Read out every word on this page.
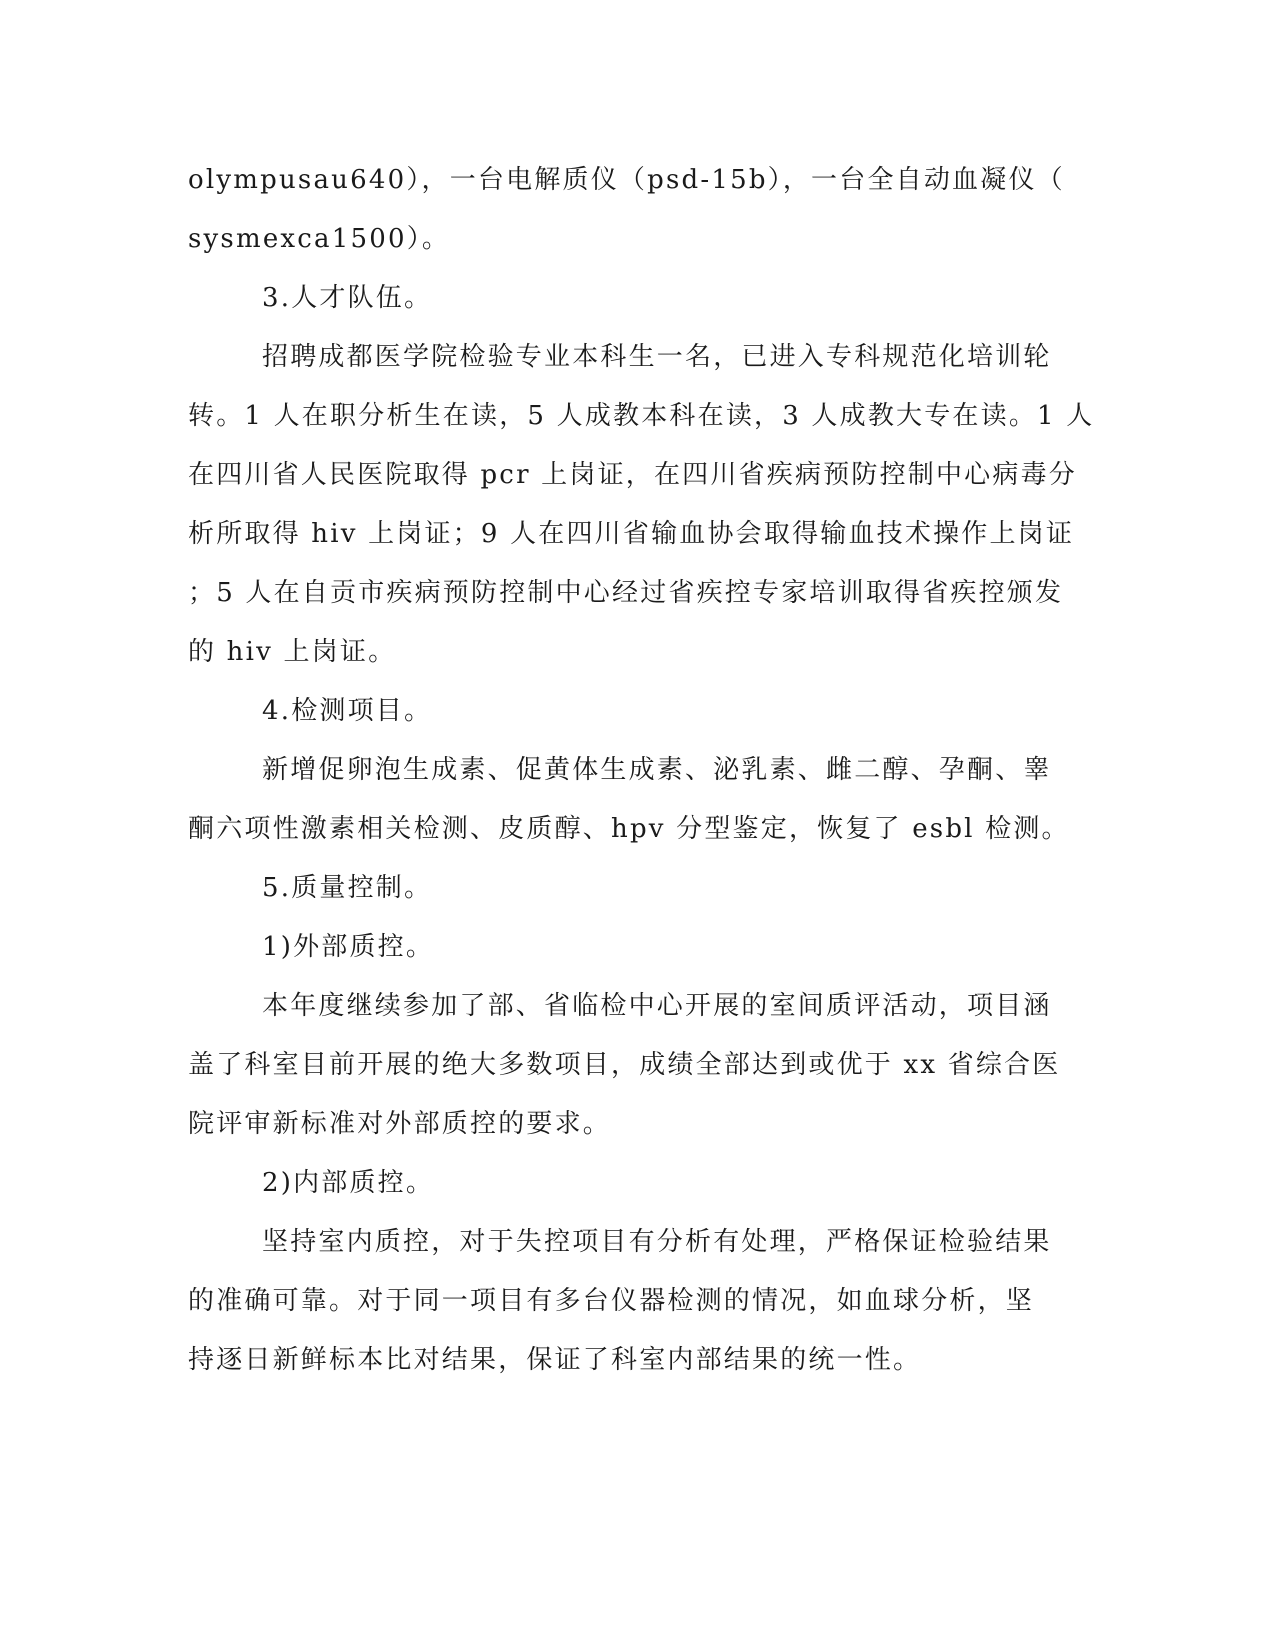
olympusau640），一台电解质仪（psd-15b），一台全自动血凝仪（
sysmexca1500）。
3.人才队伍。
招聘成都医学院检验专业本科生一名，已进入专科规范化培训轮
转。1 人在职分析生在读，5 人成教本科在读，3 人成教大专在读。1 人
在四川省人民医院取得 pcr 上岗证，在四川省疾病预防控制中心病毒分
析所取得 hiv 上岗证；9 人在四川省输血协会取得输血技术操作上岗证
；5 人在自贡市疾病预防控制中心经过省疾控专家培训取得省疾控颁发
的 hiv 上岗证。
4.检测项目。
新增促卵泡生成素、促黄体生成素、泌乳素、雌二醇、孕酮、睾
酮六项性激素相关检测、皮质醇、hpv 分型鉴定，恢复了 esbl 检测。
5.质量控制。
1)外部质控。
本年度继续参加了部、省临检中心开展的室间质评活动，项目涵
盖了科室目前开展的绝大多数项目，成绩全部达到或优于 xx 省综合医
院评审新标准对外部质控的要求。
2)内部质控。
坚持室内质控，对于失控项目有分析有处理，严格保证检验结果
的准确可靠。对于同一项目有多台仪器检测的情况，如血球分析，坚
持逐日新鲜标本比对结果，保证了科室内部结果的统一性。
